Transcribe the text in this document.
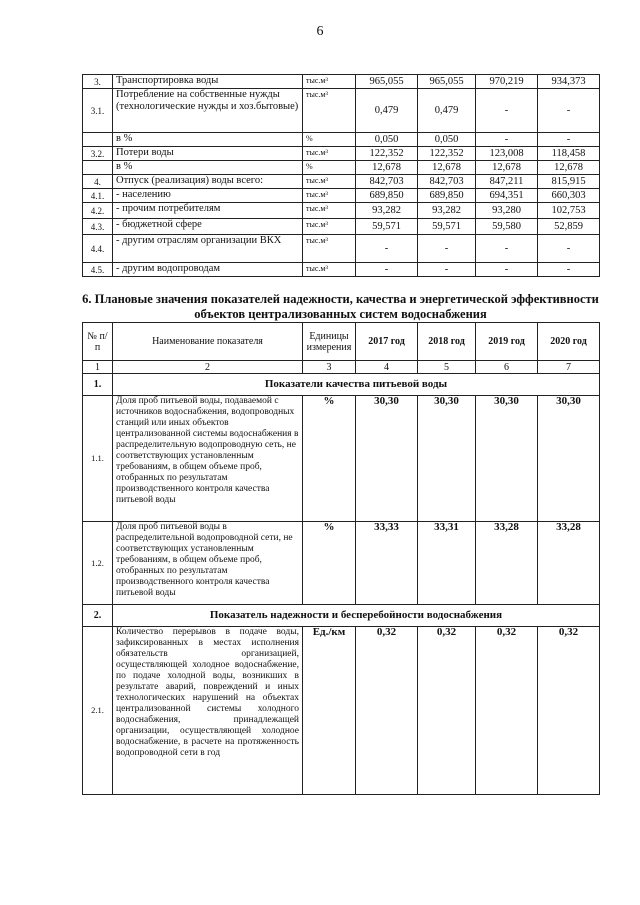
6
3.	Транспортировка воды	тыс.м³	965,055	965,055	970,219	934,373
3.1.	Потребление на собственные нужды (технологические нужды и хоз.бытовые)	тыс.м³	0,479	0,479	-	-
	в %	%	0,050	0,050	-	-
3.2.	Потери воды	тыс.м³	122,352	122,352	123,008	118,458
	в %	%	12,678	12,678	12,678	12,678
4.	Отпуск (реализация) воды всего:	тыс.м³	842,703	842,703	847,211	815,915
4.1.	- населению	тыс.м³	689,850	689,850	694,351	660,303
4.2.	- прочим потребителям	тыс.м³	93,282	93,282	93,280	102,753
4.3.	- бюджетной сфере	тыс.м³	59,571	59,571	59,580	52,859
4.4.	- другим отраслям организации ВКХ	тыс.м³	-	-	-	-
4.5.	- другим водопроводам	тыс.м³	-	-	-	-
6. Плановые значения показателей надежности, качества и энергетической эффективности объектов централизованных систем водоснабжения
№ п/п	Наименование показателя	Единицы измерения	2017 год	2018 год	2019 год	2020 год
1	2	3	4	5	6	7
1.	Показатели качества питьевой воды					
1.1.	Доля проб питьевой воды, подаваемой с источников водоснабжения, водопроводных станций или иных объектов централизованной системы водоснабжения в распределительную водопроводную сеть, не соответствующих установленным требованиям, в общем объеме проб, отобранных по результатам производственного контроля качества питьевой воды	%	30,30	30,30	30,30	30,30
1.2.	Доля проб питьевой воды в распределительной водопроводной сети, не соответствующих установленным требованиям, в общем объеме проб, отобранных по результатам производственного контроля качества питьевой воды	%	33,33	33,31	33,28	33,28
2.	Показатель надежности и бесперебойности водоснабжения					
2.1.	Количество перерывов в подаче воды, зафиксированных в местах исполнения обязательств организацией, осуществляющей холодное водоснабжение, по подаче холодной воды, возникших в результате аварий, повреждений и иных технологических нарушений на объектах централизованной системы холодного водоснабжения, принадлежащей организации, осуществляющей холодное водоснабжение, в расчете на протяженность водопроводной сети в год	Ед./км	0,32	0,32	0,32	0,32
